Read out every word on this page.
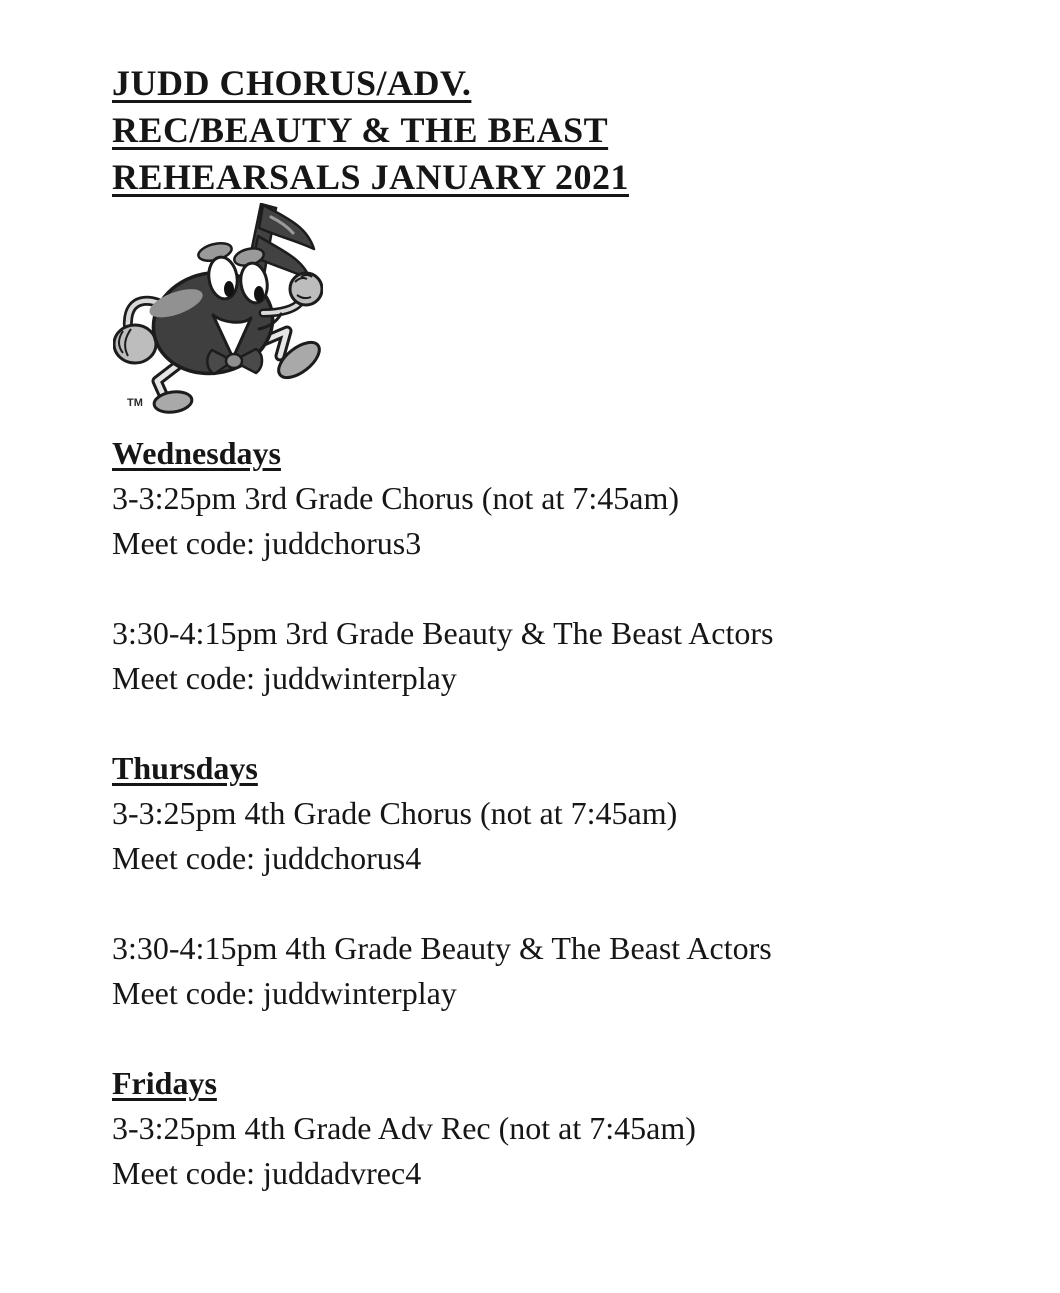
JUDD CHORUS/ADV.
REC/BEAUTY & THE BEAST
REHEARSALS JANUARY 2021
TM
Wednesdays
3-3:25pm 3rd Grade Chorus (not at 7:45am)
Meet code: juddchorus3
3:30-4:15pm 3rd Grade Beauty & The Beast Actors
Meet code: juddwinterplay
Thursdays
3-3:25pm 4th Grade Chorus (not at 7:45am)
Meet code: juddchorus4
3:30-4:15pm 4th Grade Beauty & The Beast Actors
Meet code: juddwinterplay
Fridays
3-3:25pm 4th Grade Adv Rec (not at 7:45am)
Meet code: juddadvrec4
